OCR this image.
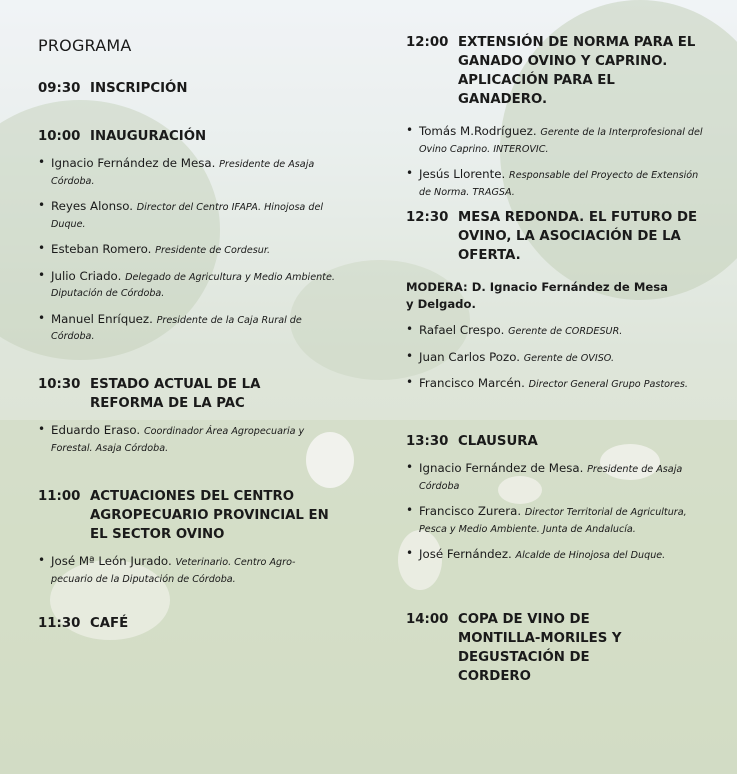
PROGRAMA
09:30 INSCRIPCIÓN
10:00 INAUGURACIÓN
• Ignacio Fernández de Mesa. Presidente de Asaja Córdoba.
• Reyes Alonso. Director del Centro IFAPA. Hinojosa del Duque.
• Esteban Romero. Presidente de Cordesur.
• Julio Criado. Delegado de Agricultura y Medio Ambiente. Diputación de Córdoba.
• Manuel Enríquez. Presidente de la Caja Rural de Córdoba.
10:30 ESTADO ACTUAL DE LA REFORMA DE LA PAC
• Eduardo Eraso. Coordinador Área Agropecuaria y Forestal. Asaja Córdoba.
11:00 ACTUACIONES DEL CENTRO AGROPECUARIO PROVINCIAL EN EL SECTOR OVINO
• José Mª León Jurado. Veterinario. Centro Agro- pecuario de la Diputación de Córdoba.
11:30 CAFÉ
12:00 EXTENSIÓN DE NORMA PARA EL GANADO OVINO Y CAPRINO. APLICACIÓN PARA EL GANADERO.
• Tomás M.Rodríguez. Gerente de la Interprofesional del Ovino Caprino. INTEROVIC.
• Jesús Llorente. Responsable del Proyecto de Extensión de Norma. TRAGSA.
12:30 MESA REDONDA. EL FUTURO DE OVINO, LA ASOCIACIÓN DE LA OFERTA.
MODERA: D. Ignacio Fernández de Mesa y Delgado.
• Rafael Crespo. Gerente de CORDESUR.
• Juan Carlos Pozo. Gerente de OVISO.
• Francisco Marcén. Director General Grupo Pastores.
13:30 CLAUSURA
• Ignacio Fernández de Mesa. Presidente de Asaja Córdoba
• Francisco Zurera. Director Territorial de Agricultura, Pesca y Medio Ambiente. Junta de Andalucía.
• José Fernández. Alcalde de Hinojosa del Duque.
14:00 COPA DE VINO DE MONTILLA-MORILES Y DEGUSTACIÓN DE CORDERO
